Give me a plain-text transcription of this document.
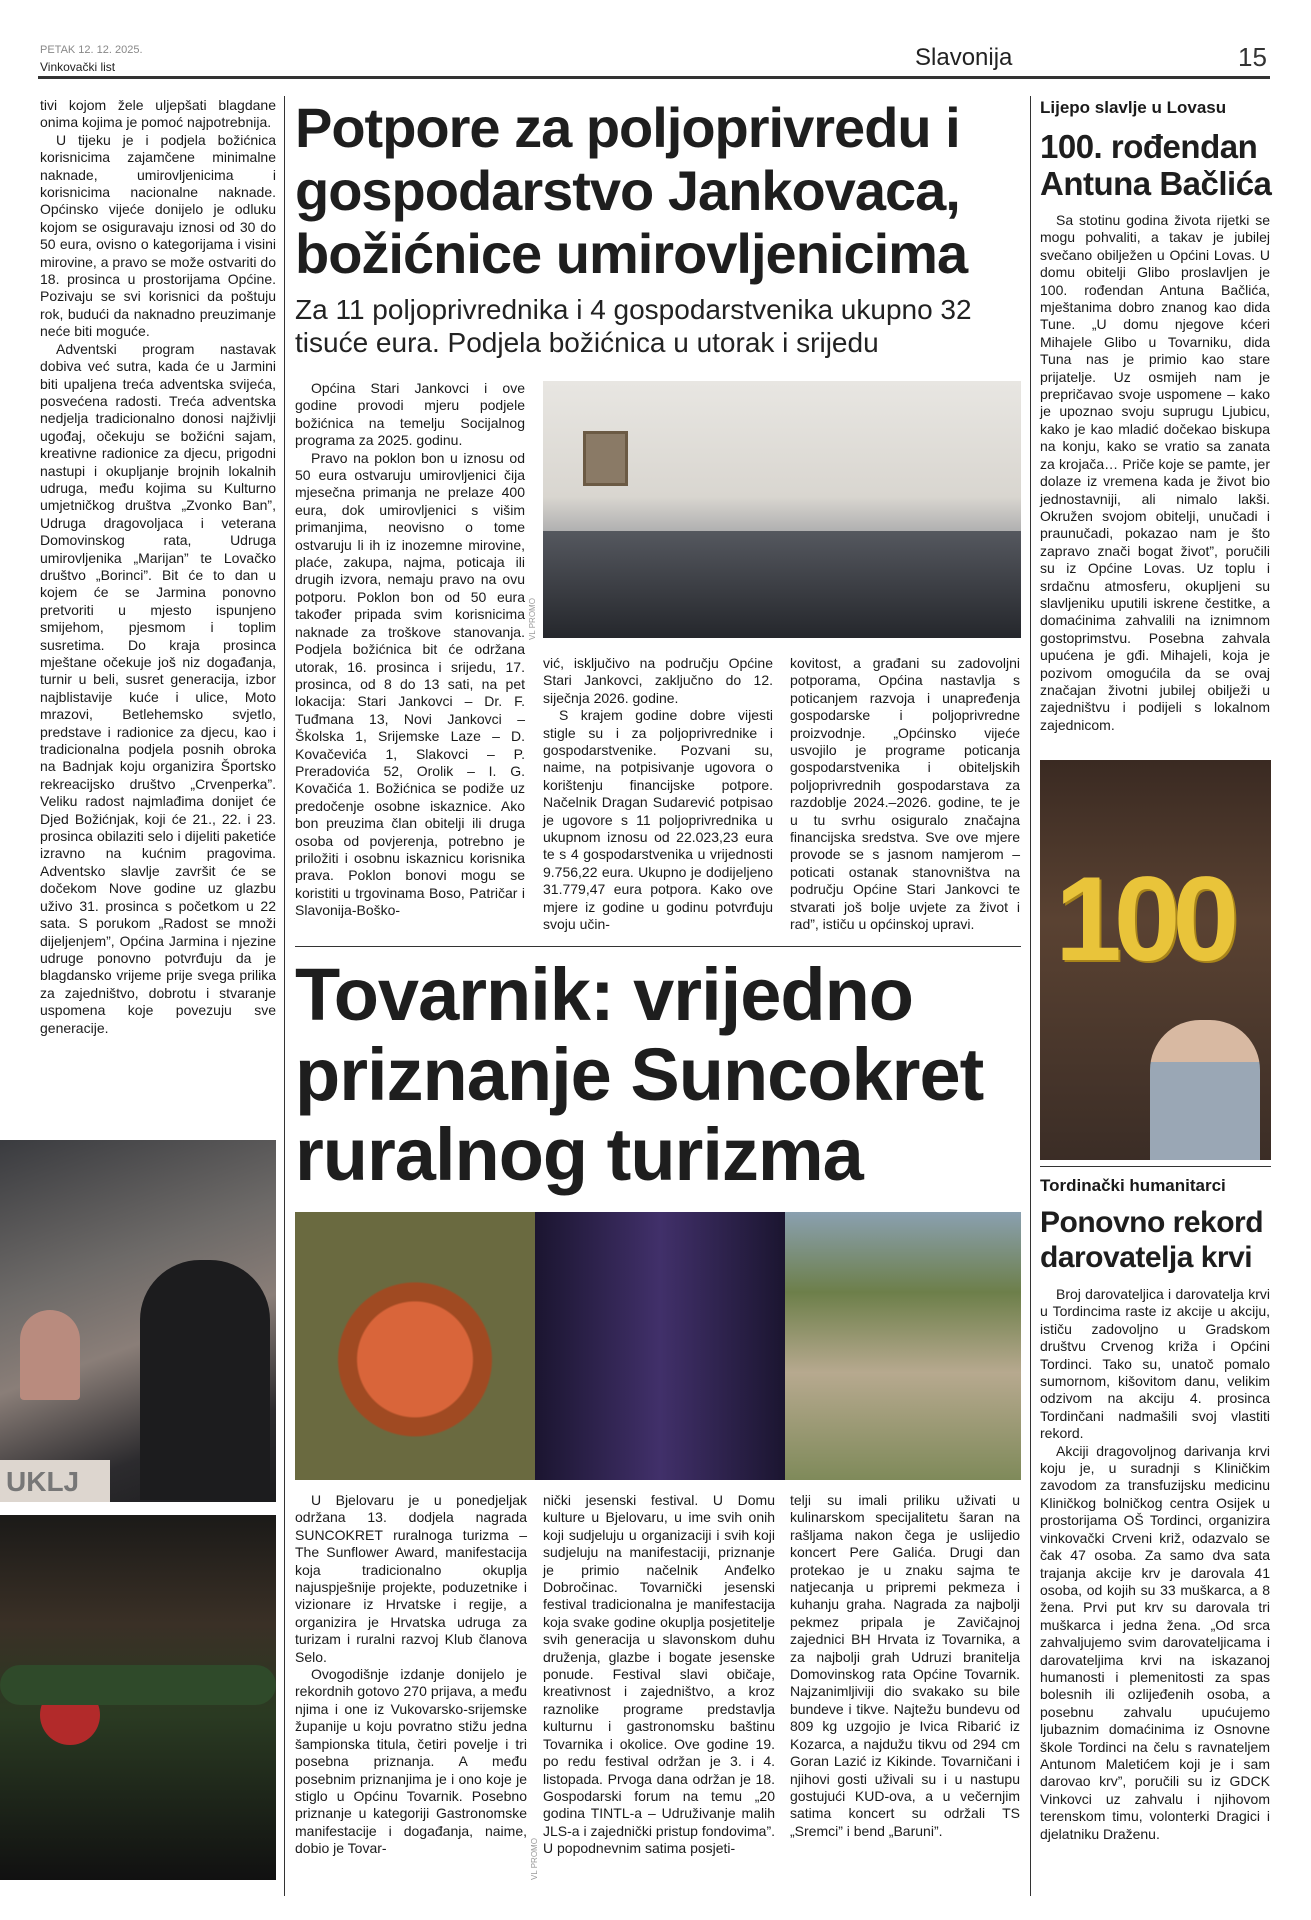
PETAK 12. 12. 2025.
Vinkovački list	Slavonija	15

tivi kojom žele uljepšati blagdane onima kojima je pomoć najpotrebnija.

U tijeku je i podjela božićnica korisnicima zajamčene minimalne naknade, umirovljenicima i korisnicima nacionalne naknade. Općinsko vijeće donijelo je odluku kojom se osiguravaju iznosi od 30 do 50 eura, ovisno o kategorijama i visini mirovine, a pravo se može ostvariti do 18. prosinca u prostorijama Općine. Pozivaju se svi korisnici da poštuju rok, budući da naknadno preuzimanje neće biti moguće.

Adventski program nastavak dobiva već sutra, kada će u Jarmini biti upaljena treća adventska svijeća, posvećena radosti. Treća adventska nedjelja tradicionalno donosi najživlji ugođaj, očekuju se božićni sajam, kreativne radionice za djecu, prigodni nastupi i okupljanje brojnih lokalnih udruga, među kojima su Kulturno umjetničkog društva „Zvonko Ban”, Udruga dragovoljaca i veterana Domovinskog rata, Udruga umirovljenika „Marijan” te Lovačko društvo „Borinci”. Bit će to dan u kojem će se Jarmina ponovno pretvoriti u mjesto ispunjeno smijehom, pjesmom i toplim susretima. Do kraja prosinca mještane očekuje još niz događanja, turnir u beli, susret generacija, izbor najblistavije kuće i ulice, Moto mrazovi, Betlehemsko svjetlo, predstave i radionice za djecu, kao i tradicionalna podjela posnih obroka na Badnjak koju organizira Športsko rekreacijsko društvo „Crvenperka”. Veliku radost najmlađima donijet će Djed Božićnjak, koji će 21., 22. i 23. prosinca obilaziti selo i dijeliti paketiće izravno na kućnim pragovima. Adventsko slavlje završit će se dočekom Nove godine uz glazbu uživo 31. prosinca s početkom u 22 sata. S porukom „Radost se množi dijeljenjem”, Općina Jarmina i njezine udruge ponovno potvrđuju da je blagdansko vrijeme prije svega prilika za zajedništvo, dobrotu i stvaranje uspomena koje povezuju sve generacije.

UKLJ
Potpore za poljoprivredu i gospodarstvo Jankovaca, božićnice umirovljenicima
Za 11 poljoprivrednika i 4 gospodarstvenika ukupno 32 tisuće eura. Podjela božićnica u utorak i srijedu

Općina Stari Jankovci i ove godine provodi mjeru podjele božićnica na temelju Socijalnog programa za 2025. godinu.

Pravo na poklon bon u iznosu od 50 eura ostvaruju umirovljenici čija mjesečna primanja ne prelaze 400 eura, dok umirovljenici s višim primanjima, neovisno o tome ostvaruju li ih iz inozemne mirovine, plaće, zakupa, najma, poticaja ili drugih izvora, nemaju pravo na ovu potporu. Poklon bon od 50 eura također pripada svim korisnicima naknade za troškove stanovanja. Podjela božićnica bit će održana utorak, 16. prosinca i srijedu, 17. prosinca, od 8 do 13 sati, na pet lokacija: Stari Jankovci – Dr. F. Tuđmana 13, Novi Jankovci – Školska 1, Srijemske Laze – D. Kovačevića 1, Slakovci – P. Preradovića 52, Orolik – I. G. Kovačića 1. Božićnica se podiže uz predočenje osobne iskaznice. Ako bon preuzima član obitelji ili druga osoba od povjerenja, potrebno je priložiti i osobnu iskaznicu korisnika prava. Poklon bonovi mogu se koristiti u trgovinama Boso, Patričar i Slavonija-Boško-

VL PROMO

vić, isključivo na području Općine Stari Jankovci, zaključno do 12. siječnja 2026. godine.

S krajem godine dobre vijesti stigle su i za poljoprivrednike i gospodarstvenike. Pozvani su, naime, na potpisivanje ugovora o korištenju financijske potpore. Načelnik Dragan Sudarević potpisao je ugovore s 11 poljoprivrednika u ukupnom iznosu od 22.023,23 eura te s 4 gospodarstvenika u vrijednosti 9.756,22 eura. Ukupno je dodijeljeno 31.779,47 eura potpora. Kako ove mjere iz godine u godinu potvrđuju svoju učin-

kovitost, a građani su zadovoljni potporama, Općina nastavlja s poticanjem razvoja i unapređenja gospodarske i poljoprivredne proizvodnje. „Općinsko vijeće usvojilo je programe poticanja gospodarstvenika i obiteljskih poljoprivrednih gospodarstava za razdoblje 2024.–2026. godine, te je u tu svrhu osiguralo značajna financijska sredstva. Sve ove mjere provode se s jasnom namjerom – poticati ostanak stanovništva na području Općine Stari Jankovci te stvarati još bolje uvjete za život i rad”, ističu u općinskoj upravi.

Tovarnik: vrijedno priznanje Suncokret ruralnog turizma

U Bjelovaru je u ponedjeljak održana 13. dodjela nagrada SUNCOKRET ruralnoga turizma – The Sunflower Award, manifestacija koja tradicionalno okuplja najuspješnije projekte, poduzetnike i vizionare iz Hrvatske i regije, a organizira je Hrvatska udruga za turizam i ruralni razvoj Klub članova Selo.

Ovogodišnje izdanje donijelo je rekordnih gotovo 270 prijava, a među njima i one iz Vukovarsko-srijemske županije u koju povratno stižu jedna šampionska titula, četiri povelje i tri posebna priznanja. A među posebnim priznanjima je i ono koje je stiglo u Općinu Tovarnik. Posebno priznanje u kategoriji Gastronomske manifestacije i događanja, naime, dobio je Tovar-	VL PROMO

nički jesenski festival. U Domu kulture u Bjelovaru, u ime svih onih koji sudjeluju u organizaciji i svih koji sudjeluju na manifestaciji, priznanje je primio načelnik Anđelko Dobročinac. Tovarnički jesenski festival tradicionalna je manifestacija koja svake godine okuplja posjetitelje svih generacija u slavonskom duhu druženja, glazbe i bogate jesenske ponude. Festival slavi običaje, kreativnost i zajedništvo, a kroz raznolike programe predstavlja kulturnu i gastronomsku baštinu Tovarnika i okolice. Ove godine 19. po redu festival održan je 3. i 4. listopada. Prvoga dana održan je 18. Gospodarski forum na temu „20 godina TINTL-a – Udruživanje malih JLS-a i zajednički pristup fondovima”. U popodnevnim satima posjeti-

telji su imali priliku uživati u kulinarskom specijalitetu šaran na rašljama nakon čega je uslijedio koncert Pere Galića. Drugi dan protekao je u znaku sajma te natjecanja u pripremi pekmeza i kuhanju graha. Nagrada za najbolji pekmez pripala je Zavičajnoj zajednici BH Hrvata iz Tovarnika, a za najbolji grah Udruzi branitelja Domovinskog rata Općine Tovarnik. Najzanimljiviji dio svakako su bile bundeve i tikve. Najtežu bundevu od 809 kg uzgojio je Ivica Ribarić iz Kozarca, a najdužu tikvu od 294 cm Goran Lazić iz Kikinde. Tovarničani i njihovi gosti uživali su i u nastupu gostujući KUD-ova, a u večernjim satima koncert su održali TS „Sremci” i bend „Baruni”.

Lijepo slavlje u Lovasu
100. rođendan Antuna Bačlića

Sa stotinu godina života rijetki se mogu pohvaliti, a takav je jubilej svečano obilježen u Općini Lovas. U domu obitelji Glibo proslavljen je 100. rođendan Antuna Bačlića, mještanima dobro znanog kao dida Tune. „U domu njegove kćeri Mihajele Glibo u Tovarniku, dida Tuna nas je primio kao stare prijatelje. Uz osmijeh nam je prepričavao svoje uspomene – kako je upoznao svoju suprugu Ljubicu, kako je kao mladić dočekao biskupa na konju, kako se vratio sa zanata za krojača… Priče koje se pamte, jer dolaze iz vremena kada je život bio jednostavniji, ali nimalo lakši. Okružen svojom obitelji, unučadi i praunučadi, pokazao nam je što zapravo znači bogat život”, poručili su iz Općine Lovas. Uz toplu i srdačnu atmosferu, okupljeni su slavljeniku uputili iskrene čestitke, a domaćinima zahvalili na iznimnom gostoprimstvu. Posebna zahvala upućena je gđi. Mihajeli, koja je pozivom omogućila da se ovaj značajan životni jubilej obilježi u zajedništvu i podijeli s lokalnom zajednicom.

100
Tordinački humanitarci
Ponovno rekord darovatelja krvi

Broj darovateljica i darovatelja krvi u Tordincima raste iz akcije u akciju, ističu zadovoljno u Gradskom društvu Crvenog križa i Općini Tordinci. Tako su, unatoč pomalo sumornom, kišovitom danu, velikim odzivom na akciju 4. prosinca Tordinčani nadmašili svoj vlastiti rekord.

Akciji dragovoljnog darivanja krvi koju je, u suradnji s Kliničkim zavodom za transfuzijsku medicinu Kliničkog bolničkog centra Osijek u prostorijama OŠ Tordinci, organizira vinkovački Crveni križ, odazvalo se čak 47 osoba. Za samo dva sata trajanja akcije krv je darovala 41 osoba, od kojih su 33 muškarca, a 8 žena. Prvi put krv su darovala tri muškarca i jedna žena. „Od srca zahvaljujemo svim darovateljicama i darovateljima krvi na iskazanoj humanosti i plemenitosti za spas bolesnih ili ozlijeđenih osoba, a posebnu zahvalu upućujemo ljubaznim domaćinima iz Osnovne škole Tordinci na čelu s ravnateljem Antunom Maletićem koji je i sam darovao krv”, poručili su iz GDCK Vinkovci uz zahvalu i njihovom terenskom timu, volonterki Dragici i djelatniku Draženu.
